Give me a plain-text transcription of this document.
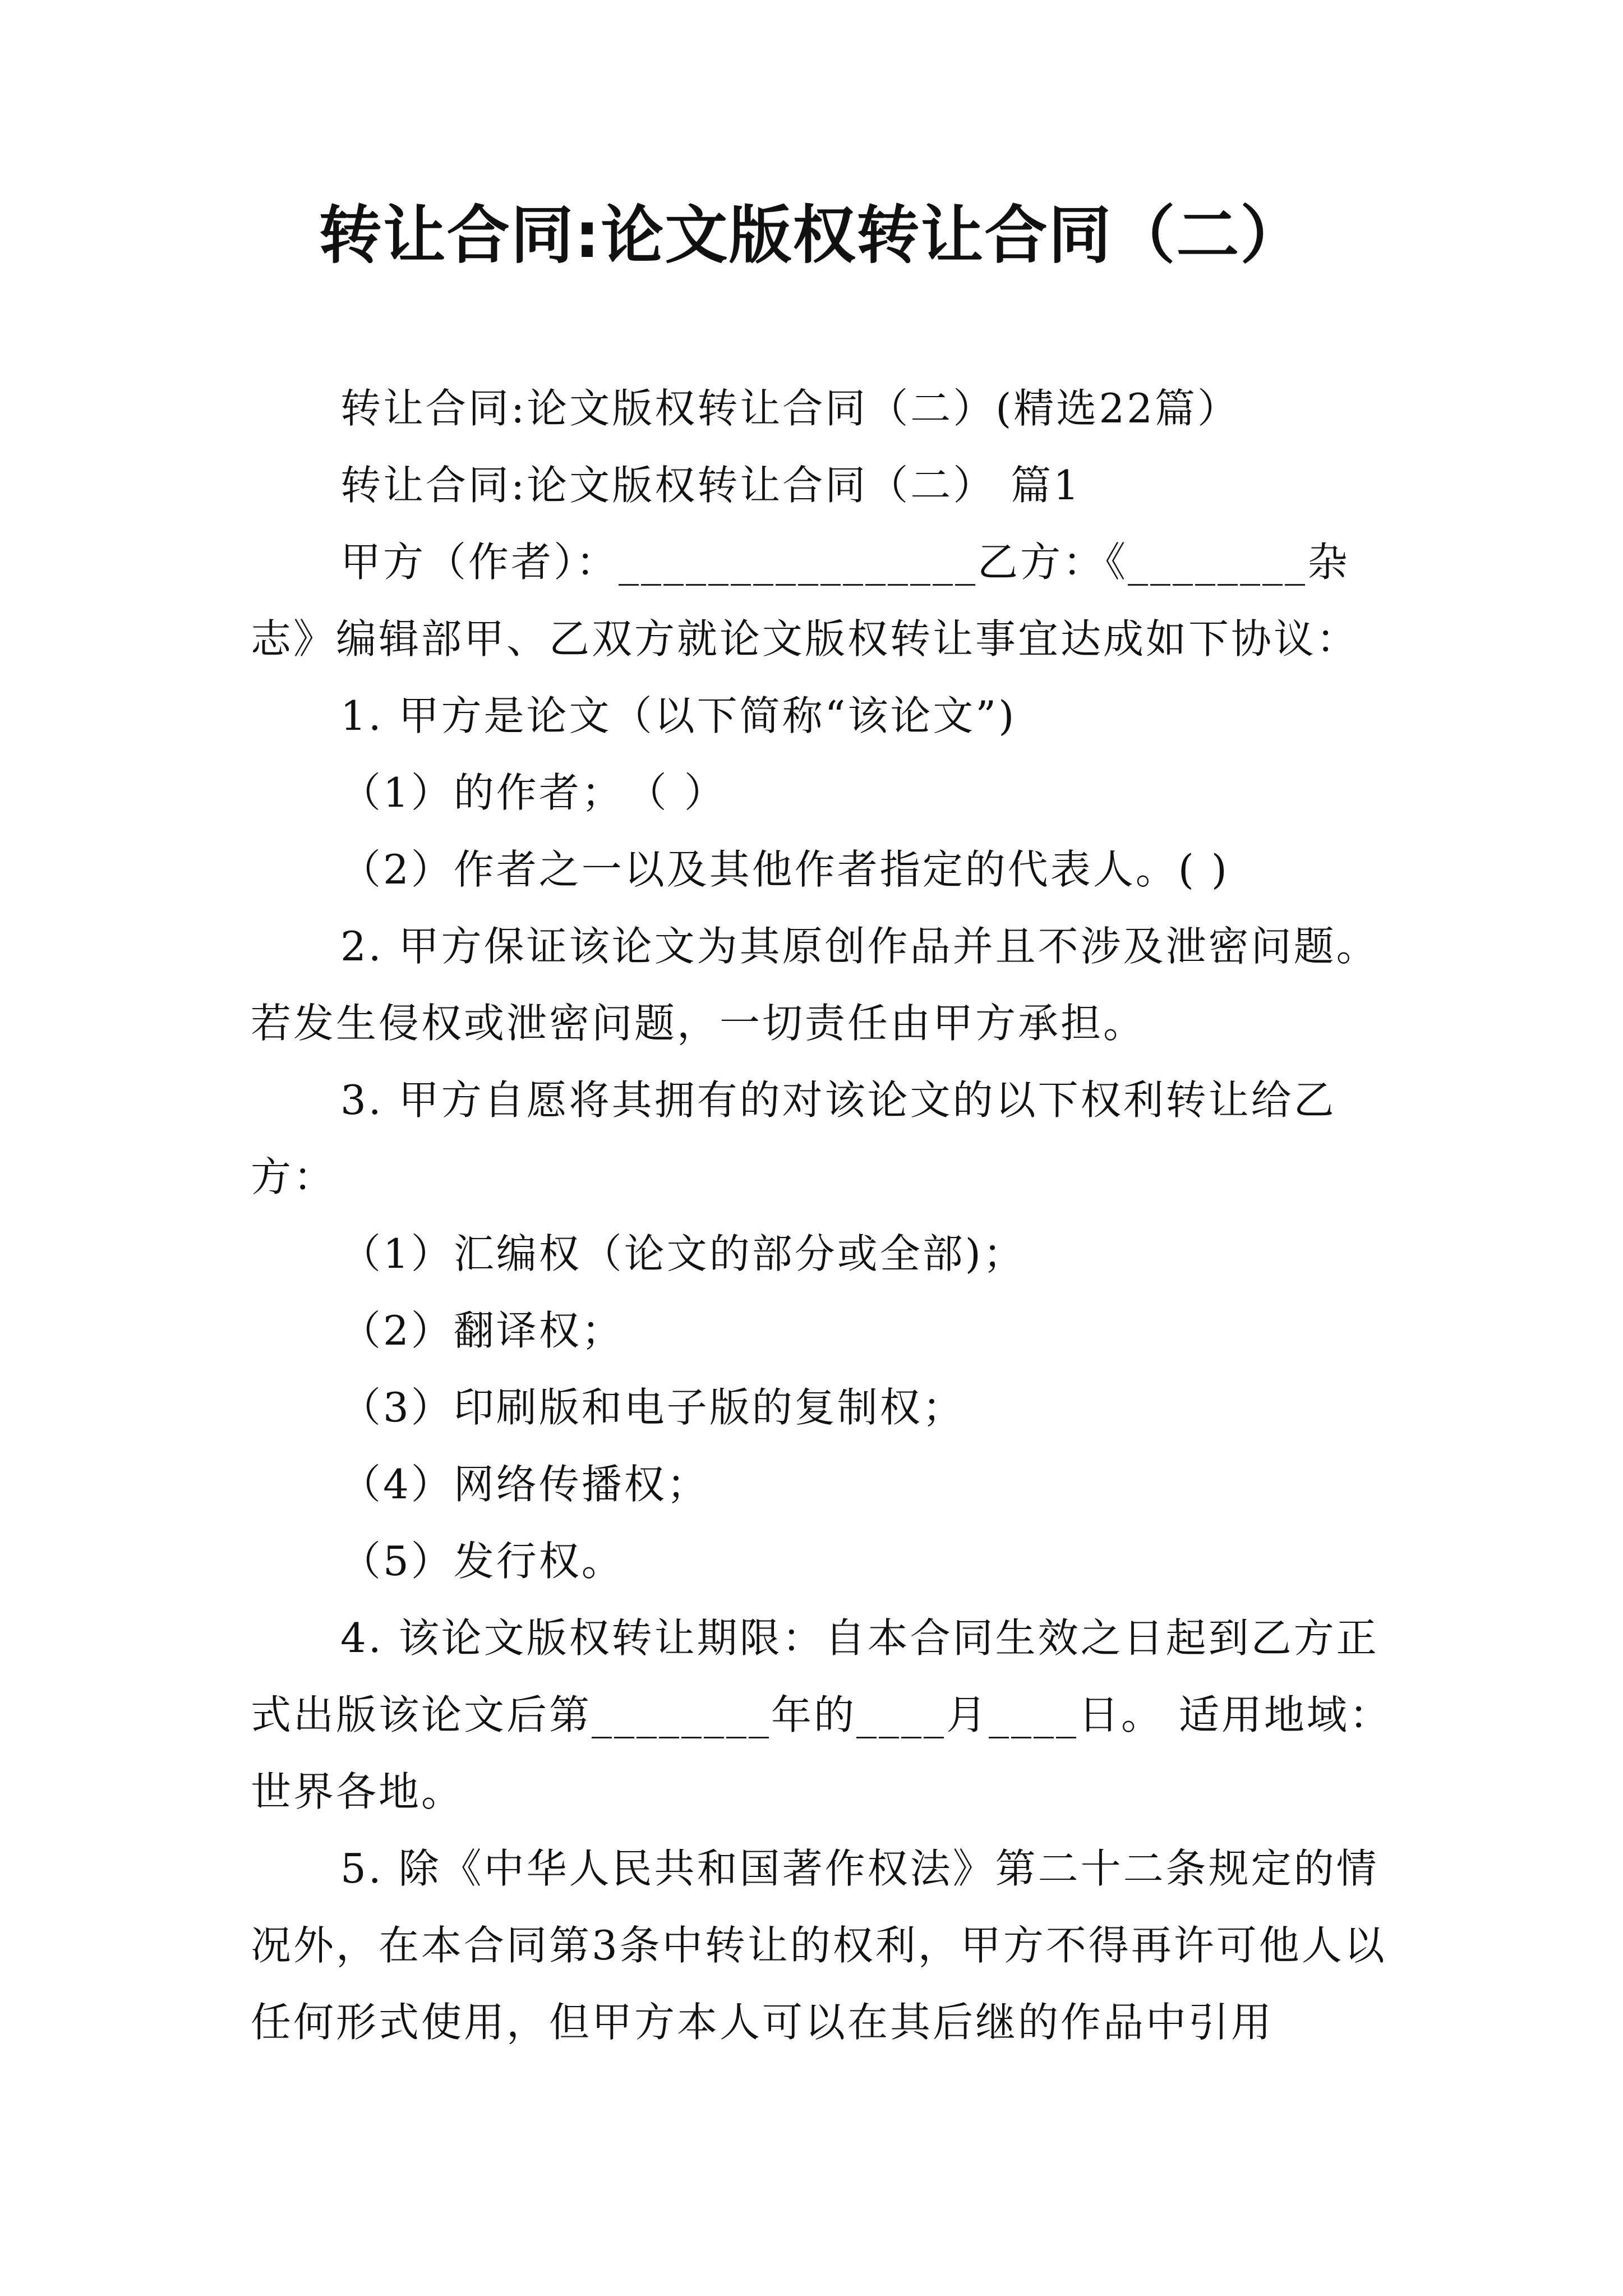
转让合同:论文版权转让合同（二）

转让合同:论文版权转让合同（二）(精选22篇）

转让合同:论文版权转让合同（二） 篇1

甲方（作者）：________________乙方：《________杂志》编辑部甲、乙双方就论文版权转让事宜达成如下协议：

1. 甲方是论文（以下简称“该论文”)

（1）的作者；　（ ）

（2）作者之一以及其他作者指定的代表人。( )

2. 甲方保证该论文为其原创作品并且不涉及泄密问题。若发生侵权或泄密问题，一切责任由甲方承担。

3. 甲方自愿将其拥有的对该论文的以下权利转让给乙方：

（1）汇编权（论文的部分或全部)；

（2）翻译权；

（3）印刷版和电子版的复制权；

（4）网络传播权；

（5）发行权。

4. 该论文版权转让期限：自本合同生效之日起到乙方正式出版该论文后第________年的____月____日。 适用地域：世界各地。

5. 除《中华人民共和国著作权法》第二十二条规定的情况外，在本合同第3条中转让的权利，甲方不得再许可他人以任何形式使用，但甲方本人可以在其后继的作品中引用
